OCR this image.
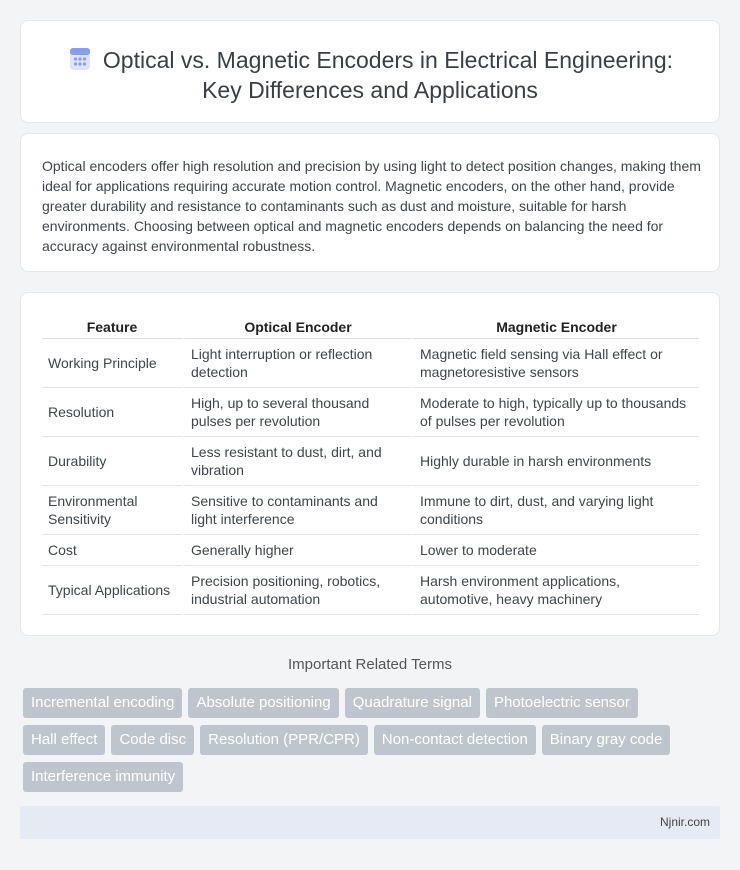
Optical vs. Magnetic Encoders in Electrical Engineering:
Key Differences and Applications

Optical encoders offer high resolution and precision by using light to detect position changes, making them ideal for applications requiring accurate motion control. Magnetic encoders, on the other hand, provide greater durability and resistance to contaminants such as dust and moisture, suitable for harsh environments. Choosing between optical and magnetic encoders depends on balancing the need for accuracy against environmental robustness.

Feature	Optical Encoder	Magnetic Encoder
Working Principle	Light interruption or reflection detection	Magnetic field sensing via Hall effect or magnetoresistive sensors
Resolution	High, up to several thousand pulses per revolution	Moderate to high, typically up to thousands of pulses per revolution
Durability	Less resistant to dust, dirt, and vibration	Highly durable in harsh environments
Environmental Sensitivity	Sensitive to contaminants and light interference	Immune to dirt, dust, and varying light conditions
Cost	Generally higher	Lower to moderate
Typical Applications	Precision positioning, robotics, industrial automation	Harsh environment applications, automotive, heavy machinery
Important Related Terms
Incremental encoding	Absolute positioning	Quadrature signal	Photoelectric sensor
Hall effect	Code disc	Resolution (PPR/CPR)	Non-contact detection	Binary gray code
Interference immunity
Njnir.com
